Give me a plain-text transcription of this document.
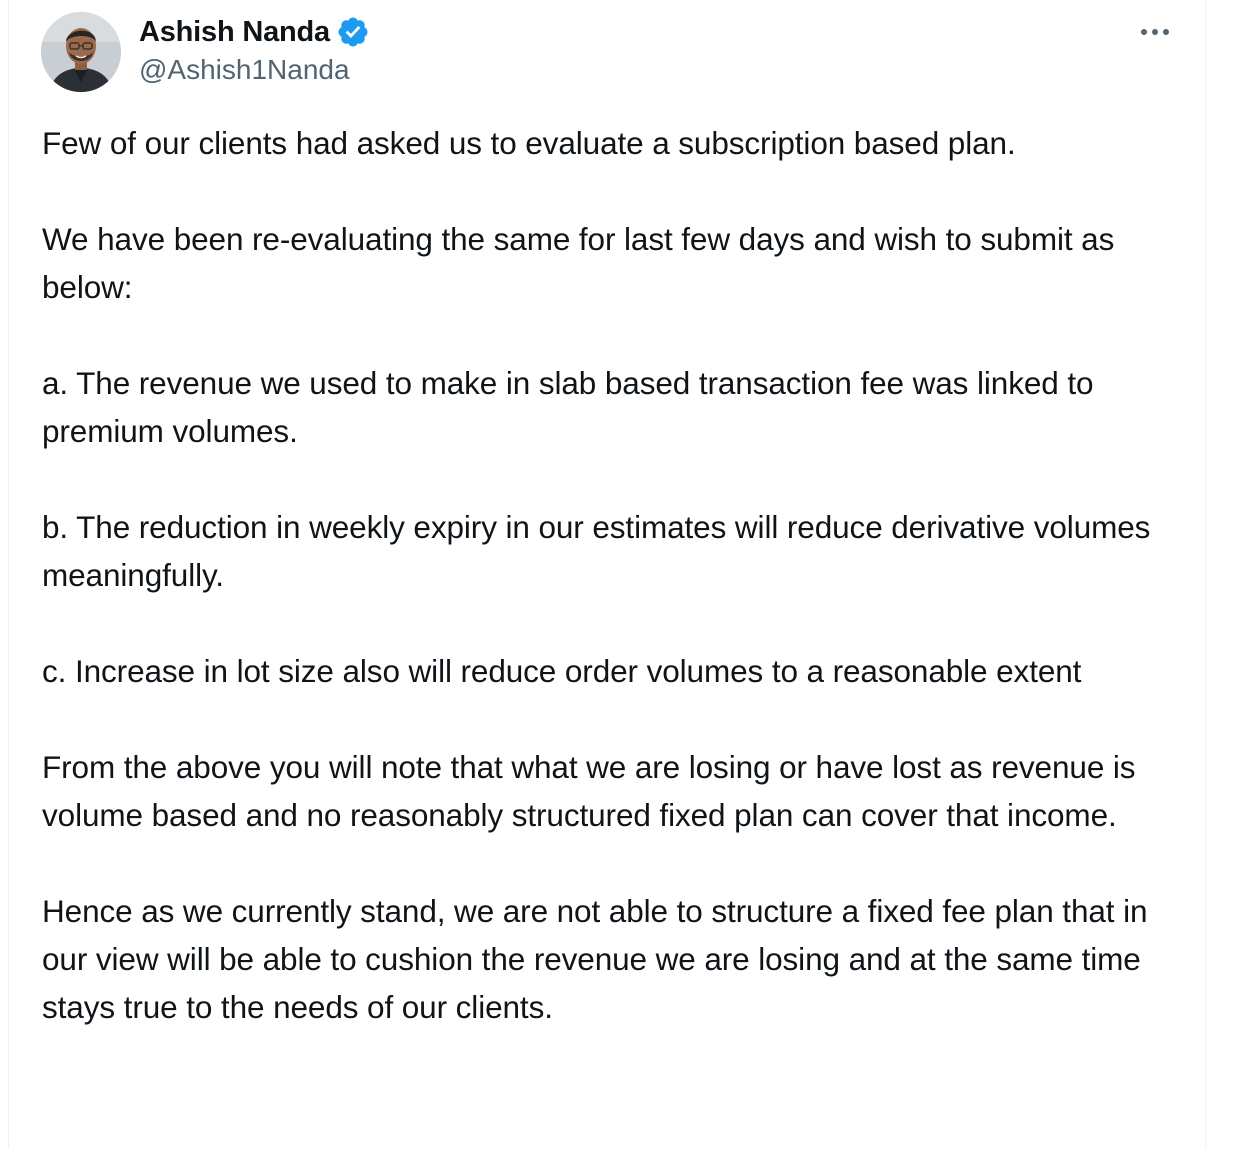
Ashish Nanda
@Ashish1Nanda

Few of our clients had asked us to evaluate a subscription based plan.

We have been re-evaluating the same for last few days and wish to submit as below:

a. The revenue we used to make in slab based transaction fee was linked to premium volumes.

b. The reduction in weekly expiry in our estimates will reduce derivative volumes meaningfully.

c. Increase in lot size also will reduce order volumes to a reasonable extent

From the above you will note that what we are losing or have lost as revenue is volume based and no reasonably structured fixed plan can cover that income.

Hence as we currently stand, we are not able to structure a fixed fee plan that in our view will be able to cushion the revenue we are losing and at the same time stays true to the needs of our clients.
